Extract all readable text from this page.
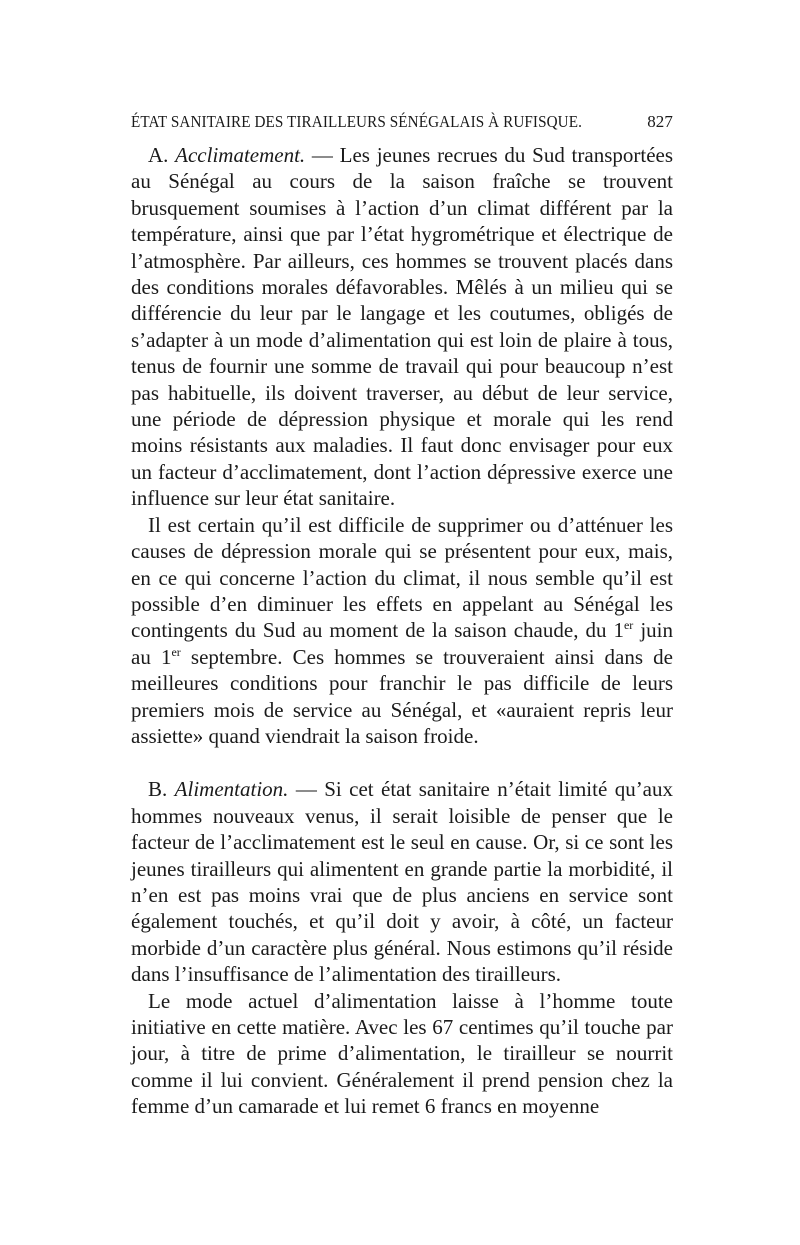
ÉTAT SANITAIRE DES TIRAILLEURS SÉNÉGALAIS À RUFISQUE.	827

A. Acclimatement. — Les jeunes recrues du Sud transportées au Sénégal au cours de la saison fraîche se trouvent brusquement soumises à l’action d’un climat différent par la température, ainsi que par l’état hygrométrique et électrique de l’atmosphère. Par ailleurs, ces hommes se trouvent placés dans des conditions morales défavorables. Mêlés à un milieu qui se différencie du leur par le langage et les coutumes, obligés de s’adapter à un mode d’alimentation qui est loin de plaire à tous, tenus de fournir une somme de travail qui pour beaucoup n’est pas habituelle, ils doivent traverser, au début de leur service, une période de dépression physique et morale qui les rend moins résistants aux maladies. Il faut donc envisager pour eux un facteur d’acclimatement, dont l’action dépressive exerce une influence sur leur état sanitaire.

Il est certain qu’il est difficile de supprimer ou d’atténuer les causes de dépression morale qui se présentent pour eux, mais, en ce qui concerne l’action du climat, il nous semble qu’il est possible d’en diminuer les effets en appelant au Sénégal les contingents du Sud au moment de la saison chaude, du 1er juin au 1er septembre. Ces hommes se trouveraient ainsi dans de meilleures conditions pour franchir le pas difficile de leurs premiers mois de service au Sénégal, et «auraient repris leur assiette» quand viendrait la saison froide.

B. Alimentation. — Si cet état sanitaire n’était limité qu’aux hommes nouveaux venus, il serait loisible de penser que le facteur de l’acclimatement est le seul en cause. Or, si ce sont les jeunes tirailleurs qui alimentent en grande partie la morbidité, il n’en est pas moins vrai que de plus anciens en service sont également touchés, et qu’il doit y avoir, à côté, un facteur morbide d’un caractère plus général. Nous estimons qu’il réside dans l’insuffisance de l’alimentation des tirailleurs.

Le mode actuel d’alimentation laisse à l’homme toute initiative en cette matière. Avec les 67 centimes qu’il touche par jour, à titre de prime d’alimentation, le tirailleur se nourrit comme il lui convient. Généralement il prend pension chez la femme d’un camarade et lui remet 6 francs en moyenne
